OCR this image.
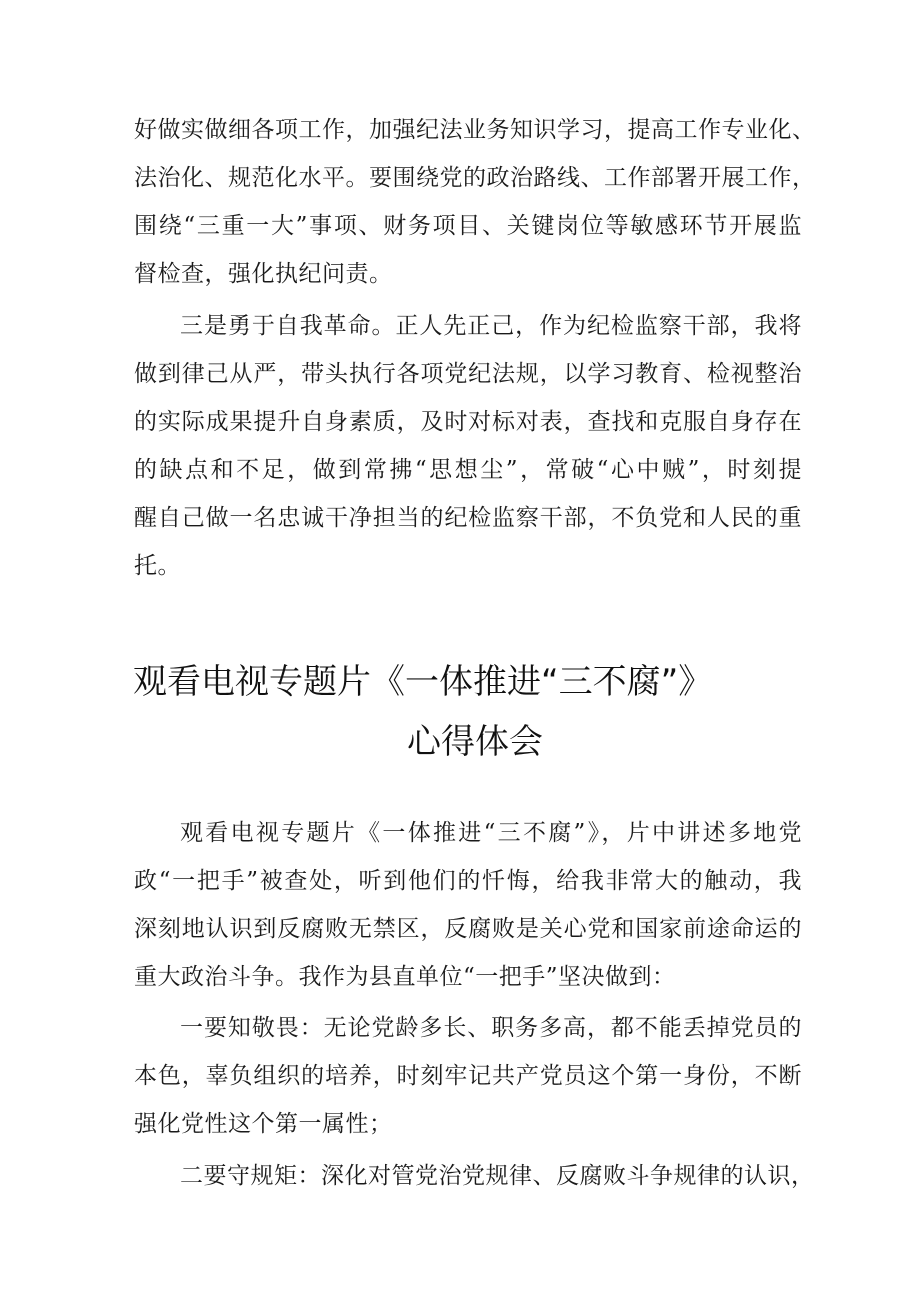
好做实做细各项工作，加强纪法业务知识学习，提高工作专业化、
法治化、规范化水平。要围绕党的政治路线、工作部署开展工作，
围绕“三重一大”事项、财务项目、关键岗位等敏感环节开展监
督检查，强化执纪问责。
三是勇于自我革命。正人先正己，作为纪检监察干部，我将
做到律己从严，带头执行各项党纪法规，以学习教育、检视整治
的实际成果提升自身素质，及时对标对表，查找和克服自身存在
的缺点和不足，做到常拂“思想尘”，常破“心中贼”，时刻提
醒自己做一名忠诚干净担当的纪检监察干部，不负党和人民的重
托。
观看电视专题片《一体推进“三不腐”》
心得体会
观看电视专题片《一体推进“三不腐”》，片中讲述多地党
政“一把手”被查处，听到他们的忏悔，给我非常大的触动，我
深刻地认识到反腐败无禁区，反腐败是关心党和国家前途命运的
重大政治斗争。我作为县直单位“一把手”坚决做到：
一要知敬畏：无论党龄多长、职务多高，都不能丢掉党员的
本色，辜负组织的培养，时刻牢记共产党员这个第一身份，不断
强化党性这个第一属性；
二要守规矩：深化对管党治党规律、反腐败斗争规律的认识，
